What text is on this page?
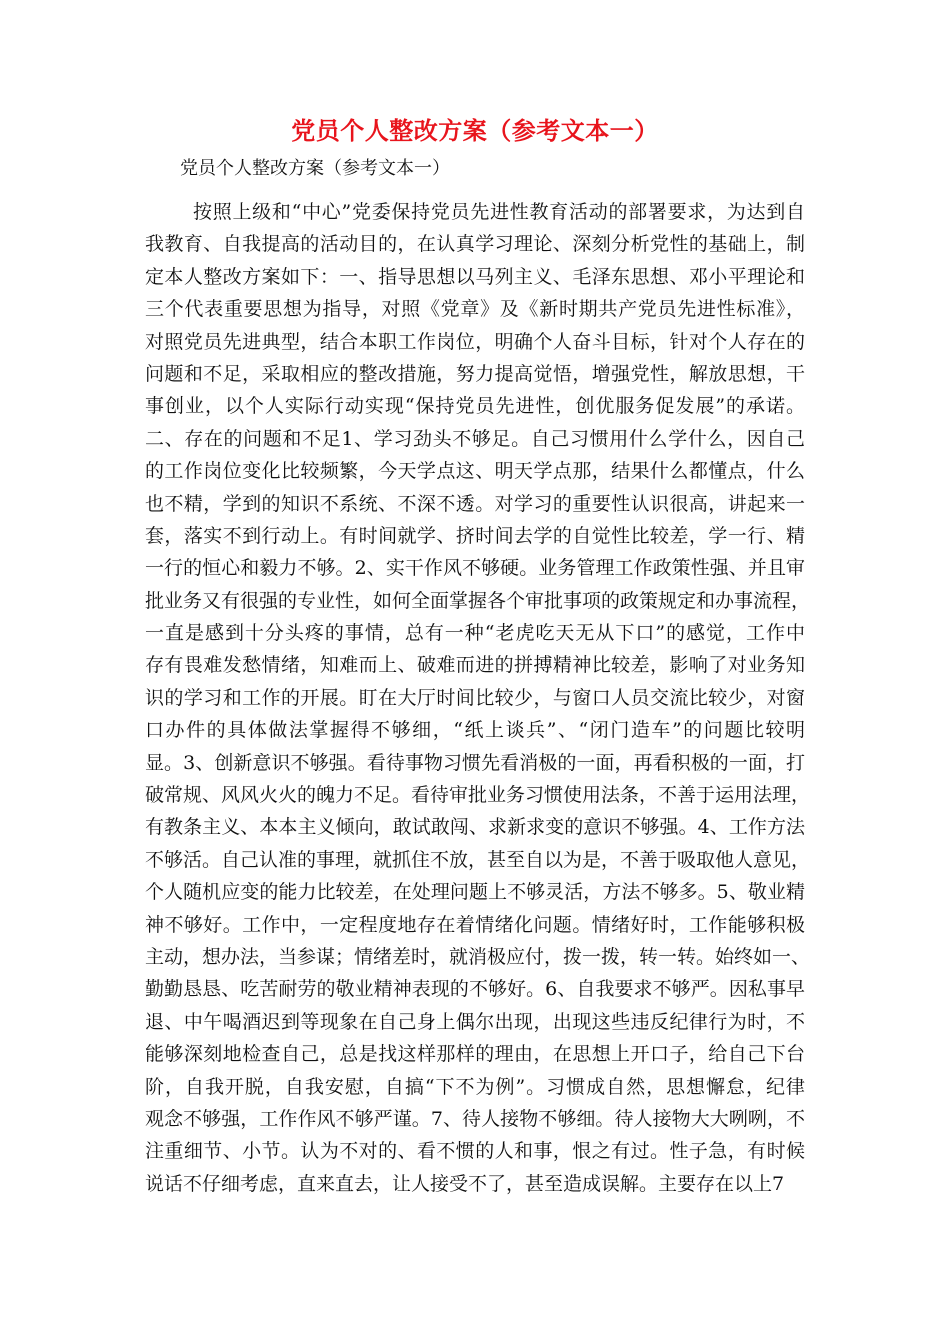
党员个人整改方案（参考文本一）
党员个人整改方案（参考文本一）
按照上级和“中心”党委保持党员先进性教育活动的部署要求，为达到自
我教育、自我提高的活动目的，在认真学习理论、深刻分析党性的基础上，制
定本人整改方案如下：一、指导思想以马列主义、毛泽东思想、邓小平理论和
三个代表重要思想为指导，对照《党章》及《新时期共产党员先进性标准》，
对照党员先进典型，结合本职工作岗位，明确个人奋斗目标，针对个人存在的
问题和不足，采取相应的整改措施，努力提高觉悟，增强党性，解放思想，干
事创业，以个人实际行动实现“保持党员先进性，创优服务促发展”的承诺。
二、存在的问题和不足1、学习劲头不够足。自己习惯用什么学什么，因自己
的工作岗位变化比较频繁，今天学点这、明天学点那，结果什么都懂点，什么
也不精，学到的知识不系统、不深不透。对学习的重要性认识很高，讲起来一
套，落实不到行动上。有时间就学、挤时间去学的自觉性比较差，学一行、精
一行的恒心和毅力不够。2、实干作风不够硬。业务管理工作政策性强、并且审
批业务又有很强的专业性，如何全面掌握各个审批事项的政策规定和办事流程，
一直是感到十分头疼的事情，总有一种“老虎吃天无从下口”的感觉，工作中
存有畏难发愁情绪，知难而上、破难而进的拼搏精神比较差，影响了对业务知
识的学习和工作的开展。盯在大厅时间比较少，与窗口人员交流比较少，对窗
口办件的具体做法掌握得不够细，“纸上谈兵”、“闭门造车”的问题比较明
显。3、创新意识不够强。看待事物习惯先看消极的一面，再看积极的一面，打
破常规、风风火火的魄力不足。看待审批业务习惯使用法条，不善于运用法理，
有教条主义、本本主义倾向，敢试敢闯、求新求变的意识不够强。4、工作方法
不够活。自己认准的事理，就抓住不放，甚至自以为是，不善于吸取他人意见，
个人随机应变的能力比较差，在处理问题上不够灵活，方法不够多。5、敬业精
神不够好。工作中，一定程度地存在着情绪化问题。情绪好时，工作能够积极
主动，想办法，当参谋；情绪差时，就消极应付，拨一拨，转一转。始终如一、
勤勤恳恳、吃苦耐劳的敬业精神表现的不够好。6、自我要求不够严。因私事早
退、中午喝酒迟到等现象在自己身上偶尔出现，出现这些违反纪律行为时，不
能够深刻地检查自己，总是找这样那样的理由，在思想上开口子，给自己下台
阶，自我开脱，自我安慰，自搞“下不为例”。习惯成自然，思想懈怠，纪律
观念不够强，工作作风不够严谨。7、待人接物不够细。待人接物大大咧咧，不
注重细节、小节。认为不对的、看不惯的人和事，恨之有过。性子急，有时候
说话不仔细考虑，直来直去，让人接受不了，甚至造成误解。主要存在以上7
